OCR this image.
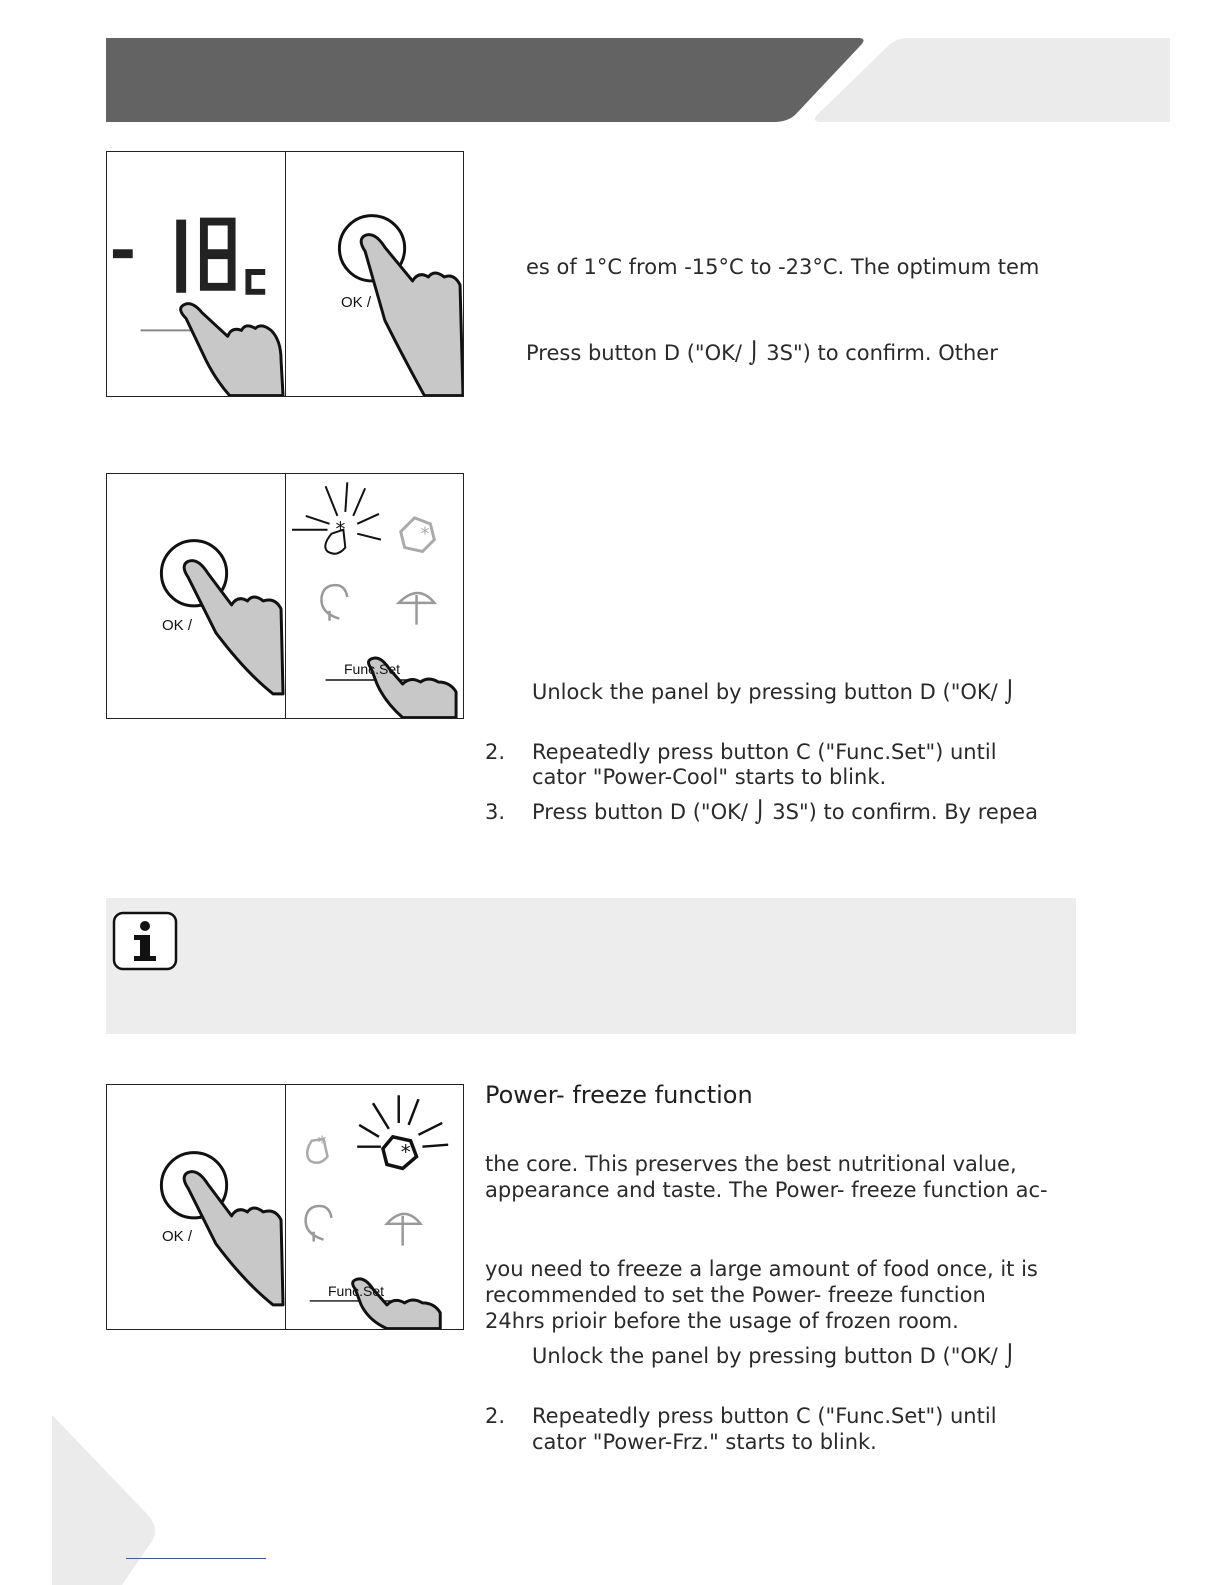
OK /
es of 1°C from -15°C to -23°C. The optimum tem
Press button D ("OK/ ⌡ 3S") to confirm. Other
OK /
*	*
Func.Set
Unlock the panel by pressing button D ("OK/ ⌡
2. Repeatedly press button C ("Func.Set") until
cator "Power-Cool" starts to blink.
3. Press button D ("OK/ ⌡ 3S") to confirm. By repea
OK /
*	*
Func.Set
Power- freeze function
the core. This preserves the best nutritional value,
appearance and taste. The Power- freeze function ac-
you need to freeze a large amount of food once, it is
recommended to set the Power- freeze function
24hrs prioir before the usage of frozen room.
Unlock the panel by pressing button D ("OK/ ⌡
2. Repeatedly press button C ("Func.Set") until
cator "Power-Frz." starts to blink.
